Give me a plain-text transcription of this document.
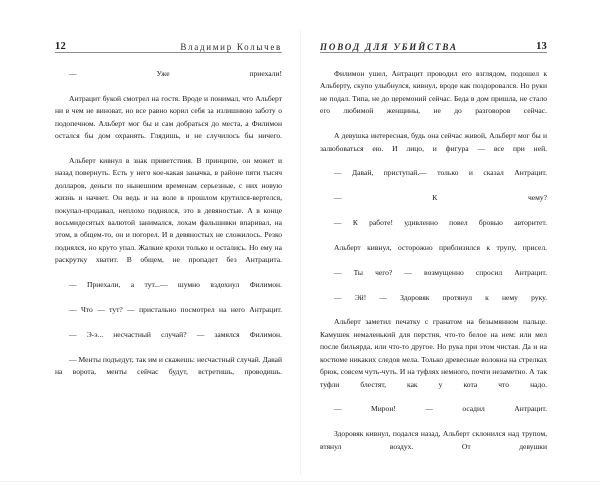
12	Владимир Колычев

— Уже приехали!

Антрацит букой смотрел на гостя. Вроде и понимал, что Альберт ни в чем не виноват, но все равно корил себя за излишнюю заботу о подопечном. Альберт мог бы и сам добраться до места, а Филимон остался бы дом охранять. Глядишь, и не случилось бы ничего.

Альберт кивнул в знак приветствия. В принципе, он может и назад повернуть. Есть у него кое-какая заначка, в районе пяти тысяч долларов, деньги по нынешним временам серьезные, с них новую жизнь и начнет. Он ведь и на воле в прошлом крутился-вертелся, покупал-продавал, неплохо поднялся, это в девяностые. А в конце восьмидесятых валютой занимался, лохам фальшивки впаривал, на этом, в общем-то, он и погорел. И в девяностых не сложилось. Резко поднялся, но круто упал. Жалкие крохи только и остались. Но ему на раскрутку хватит. В общем, не пропадет без Антрацита.

— Приехали, а тут...— шумно вздохнул Филимон.

— Что — тут? — пристально посмотрел на него Антрацит.

— Э-э... несчастный случай? — замялся Филимон.

— Менты подъедут, так им и скажешь: несчастный случай. Давай на ворота, менты сейчас будут, встретишь, проводишь.

ПОВОД ДЛЯ УБИЙСТВА	13

Филимон ушел, Антрацит проводил его взглядом, подошел к Альберту, скупо улыбнулся, кивнул, вроде как поздоровался. Но руки не подал. Типа, не до церемоний сейчас. Беда в дом пришла, не стало его любимой женщины, не до разговоров сейчас.

А девушка интересная, будь она сейчас живой, Альберт мог бы и залюбоваться ею. И лицо, и фигура — все при ней.

— Давай, приступай.— только и сказал Антрацит.

— К чему?

— К работе! удивленно повел бровью авторитет.

Альберт кивнул, осторожно приблизился к трупу, присел.

— Ты чего? — возмущенно спросил Антрацит.

— Эй! — Здоровяк протянул к нему руку.

Альберт заметил печатку с гранатом на безымянном пальце. Камушек немаленький для перстня, что-то белое на нем: или мел после бильярда, или что-то другое. Но рука при этом чистая. Да и на костюме никаких следов мела. Только древесные волокна на стрелках брюк, совсем чуть-чуть. И на туфлях немного, почти незаметно. А так туфли блестят, как у кота что надо.

— Мирон! — осадил Антрацит.

Здоровяк кивнул, подался назад, Альберт склонился над трупом, втянул воздух. От девушки
